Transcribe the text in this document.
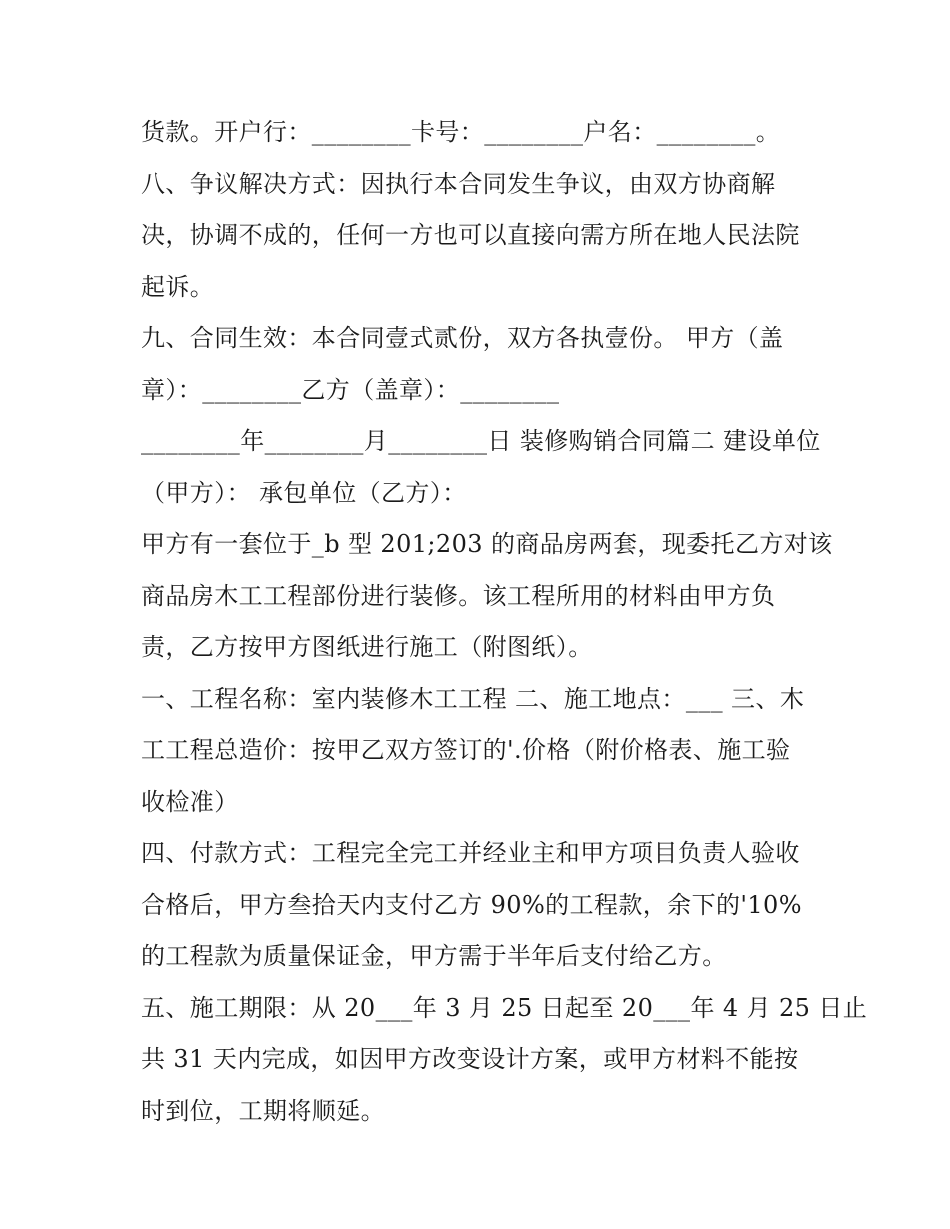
货款。开户行：________卡号：________户名：________。
八、争议解决方式：因执行本合同发生争议，由双方协商解
决，协调不成的，任何一方也可以直接向需方所在地人民法院
起诉。
九、合同生效：本合同壹式贰份，双方各执壹份。 甲方（盖
章）：________乙方（盖章）：________
________年________月________日 装修购销合同篇二 建设单位
（甲方）： 承包单位（乙方）：
甲方有一套位于_b 型 201;203 的商品房两套，现委托乙方对该
商品房木工工程部份进行装修。该工程所用的材料由甲方负
责，乙方按甲方图纸进行施工（附图纸）。
一、工程名称：室内装修木工工程 二、施工地点：___ 三、木
工工程总造价：按甲乙双方签订的'.价格（附价格表、施工验
收检准）
四、付款方式：工程完全完工并经业主和甲方项目负责人验收
合格后，甲方叁拾天内支付乙方 90%的工程款，余下的'10%
的工程款为质量保证金，甲方需于半年后支付给乙方。
五、施工期限：从 20___年 3 月 25 日起至 20___年 4 月 25 日止
共 31 天内完成，如因甲方改变设计方案，或甲方材料不能按
时到位，工期将顺延。
